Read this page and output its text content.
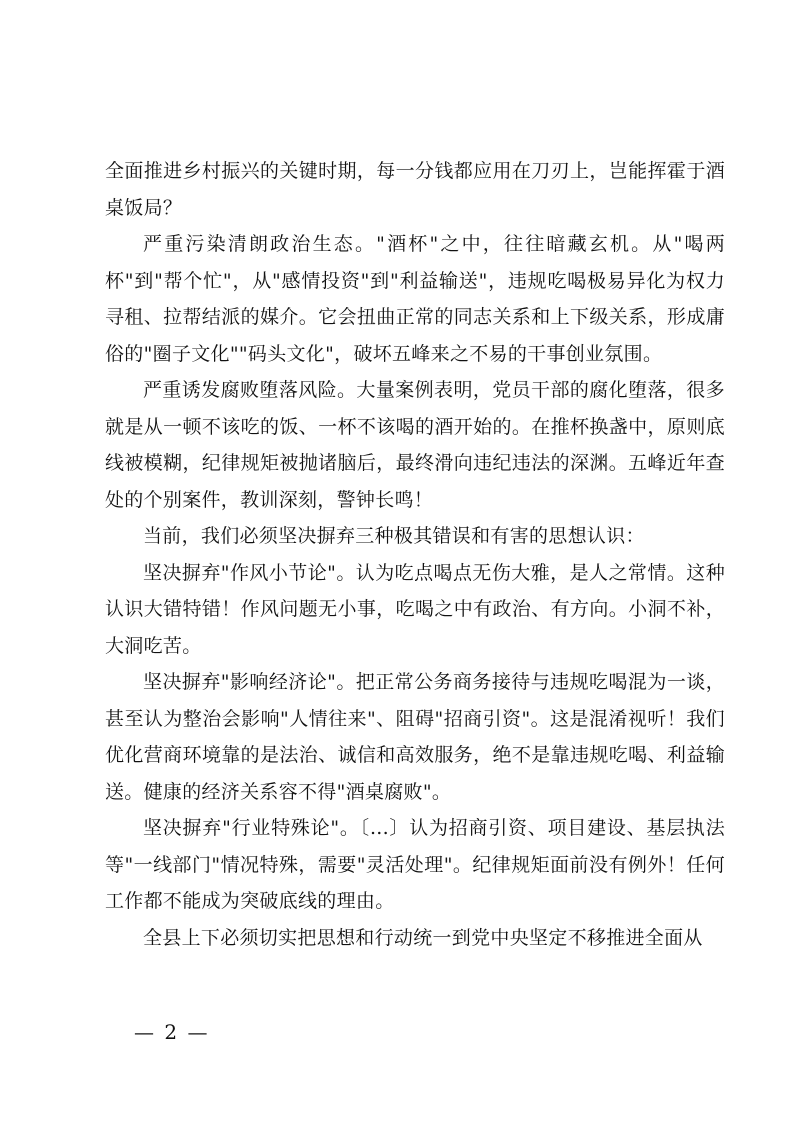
全面推进乡村振兴的关键时期，每一分钱都应用在刀刃上，岂能挥霍于酒桌饭局？

严重污染清朗政治生态。"酒杯"之中，往往暗藏玄机。从"喝两杯"到"帮个忙"，从"感情投资"到"利益输送"，违规吃喝极易异化为权力寻租、拉帮结派的媒介。它会扭曲正常的同志关系和上下级关系，形成庸俗的"圈子文化""码头文化"，破坏五峰来之不易的干事创业氛围。

严重诱发腐败堕落风险。大量案例表明，党员干部的腐化堕落，很多就是从一顿不该吃的饭、一杯不该喝的酒开始的。在推杯换盏中，原则底线被模糊，纪律规矩被抛诸脑后，最终滑向违纪违法的深渊。五峰近年查处的个别案件，教训深刻，警钟长鸣！

当前，我们必须坚决摒弃三种极其错误和有害的思想认识：

坚决摒弃"作风小节论"。认为吃点喝点无伤大雅，是人之常情。这种认识大错特错！作风问题无小事，吃喝之中有政治、有方向。小洞不补，大洞吃苦。

坚决摒弃"影响经济论"。把正常公务商务接待与违规吃喝混为一谈，甚至认为整治会影响"人情往来"、阻碍"招商引资"。这是混淆视听！我们优化营商环境靠的是法治、诚信和高效服务，绝不是靠违规吃喝、利益输送。健康的经济关系容不得"酒桌腐败"。

坚决摒弃"行业特殊论"。〔...〕认为招商引资、项目建设、基层执法等"一线部门"情况特殊，需要"灵活处理"。纪律规矩面前没有例外！任何工作都不能成为突破底线的理由。

全县上下必须切实把思想和行动统一到党中央坚定不移推进全面从

— 2 —
